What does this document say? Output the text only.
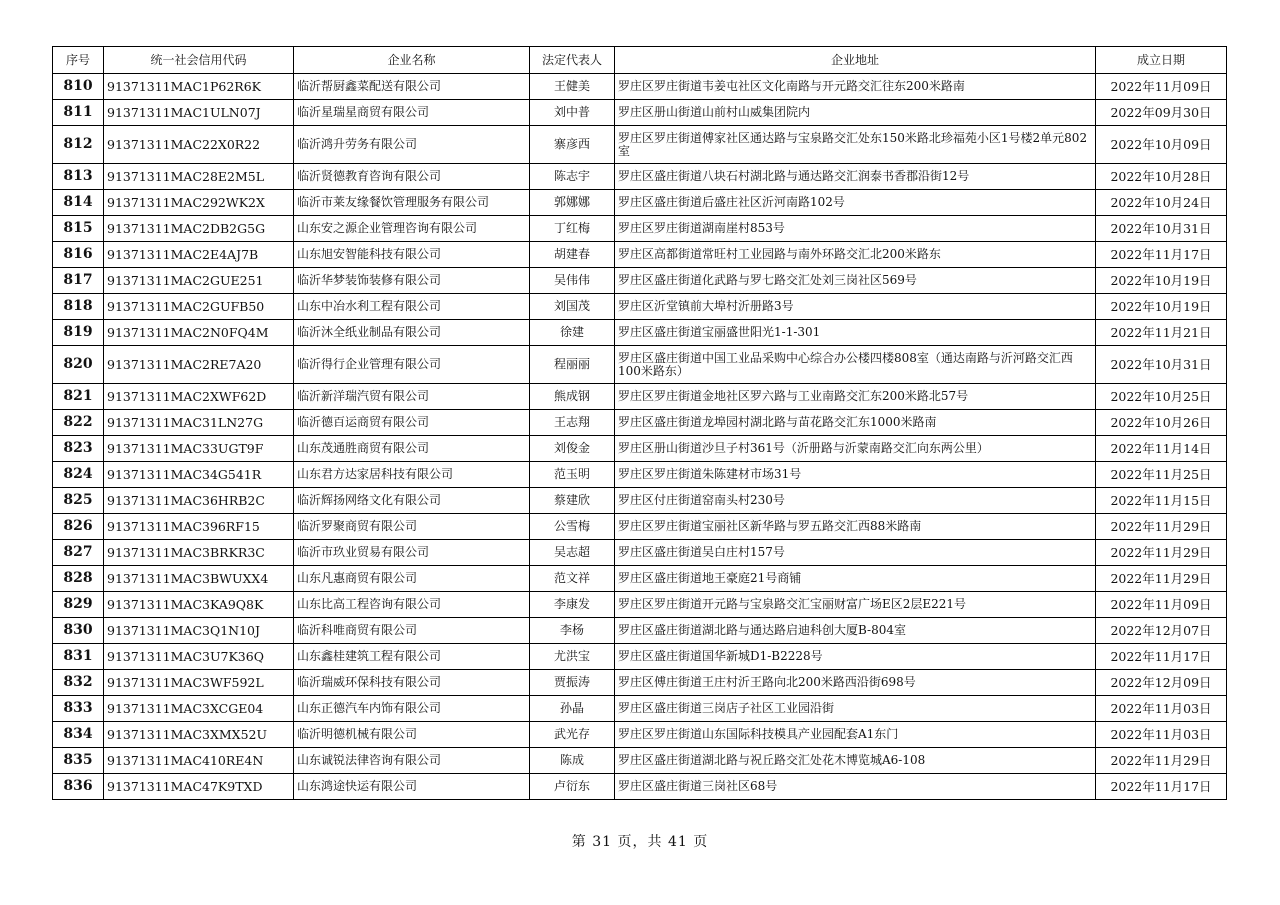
序号	统一社会信用代码	企业名称	法定代表人	企业地址	成立日期
810	91371311MAC1P62R6K	临沂帮厨鑫菜配送有限公司	王健美	罗庄区罗庄街道韦姜屯社区文化南路与开元路交汇往东200米路南	2022年11月09日
811	91371311MAC1ULN07J	临沂星瑞星商贸有限公司	刘中普	罗庄区册山街道山前村山威集团院内	2022年09月30日
812	91371311MAC22X0R22	临沂鸿升劳务有限公司	寨彦西	罗庄区罗庄街道傅家社区通达路与宝泉路交汇处东150米路北珍福苑小区1号楼2单元802室	2022年10月09日
813	91371311MAC28E2M5L	临沂贤德教育咨询有限公司	陈志宇	罗庄区盛庄街道八块石村湖北路与通达路交汇润泰书香郡沿街12号	2022年10月28日
814	91371311MAC292WK2X	临沂市莱友缘餐饮管理服务有限公司	郭娜娜	罗庄区盛庄街道后盛庄社区沂河南路102号	2022年10月24日
815	91371311MAC2DB2G5G	山东安之源企业管理咨询有限公司	丁红梅	罗庄区罗庄街道湖南崖村853号	2022年10月31日
816	91371311MAC2E4AJ7B	山东旭安智能科技有限公司	胡建春	罗庄区高都街道常旺村工业园路与南外环路交汇北200米路东	2022年11月17日
817	91371311MAC2GUE251	临沂华梦装饰装修有限公司	吴伟伟	罗庄区盛庄街道化武路与罗七路交汇处刘三岗社区569号	2022年10月19日
818	91371311MAC2GUFB50	山东中冶水利工程有限公司	刘国茂	罗庄区沂堂镇前大埠村沂册路3号	2022年10月19日
819	91371311MAC2N0FQ4M	临沂沐全纸业制品有限公司	徐建	罗庄区盛庄街道宝丽盛世阳光1-1-301	2022年11月21日
820	91371311MAC2RE7A20	临沂得行企业管理有限公司	程丽丽	罗庄区盛庄街道中国工业品采购中心综合办公楼四楼808室（通达南路与沂河路交汇西100米路东）	2022年10月31日
821	91371311MAC2XWF62D	临沂新洋瑞汽贸有限公司	熊成钢	罗庄区罗庄街道金地社区罗六路与工业南路交汇东200米路北57号	2022年10月25日
822	91371311MAC31LN27G	临沂德百运商贸有限公司	王志翔	罗庄区盛庄街道龙埠园村湖北路与苗花路交汇东1000米路南	2022年10月26日
823	91371311MAC33UGT9F	山东茂通胜商贸有限公司	刘俊金	罗庄区册山街道沙旦子村361号（沂册路与沂蒙南路交汇向东两公里）	2022年11月14日
824	91371311MAC34G541R	山东君方达家居科技有限公司	范玉明	罗庄区罗庄街道朱陈建材市场31号	2022年11月25日
825	91371311MAC36HRB2C	临沂辉扬网络文化有限公司	蔡建欣	罗庄区付庄街道窑南头村230号	2022年11月15日
826	91371311MAC396RF15	临沂罗聚商贸有限公司	公雪梅	罗庄区罗庄街道宝丽社区新华路与罗五路交汇西88米路南	2022年11月29日
827	91371311MAC3BRKR3C	临沂市玖业贸易有限公司	吴志超	罗庄区盛庄街道吴白庄村157号	2022年11月29日
828	91371311MAC3BWUXX4	山东凡惠商贸有限公司	范文祥	罗庄区盛庄街道地王豪庭21号商铺	2022年11月29日
829	91371311MAC3KA9Q8K	山东比高工程咨询有限公司	李康发	罗庄区罗庄街道开元路与宝泉路交汇宝丽财富广场E区2层E221号	2022年11月09日
830	91371311MAC3Q1N10J	临沂科唯商贸有限公司	李杨	罗庄区盛庄街道湖北路与通达路启迪科创大厦B-804室	2022年12月07日
831	91371311MAC3U7K36Q	山东鑫桂建筑工程有限公司	尤洪宝	罗庄区盛庄街道国华新城D1-B2228号	2022年11月17日
832	91371311MAC3WF592L	临沂瑞威环保科技有限公司	贾振涛	罗庄区傅庄街道王庄村沂王路向北200米路西沿街698号	2022年12月09日
833	91371311MAC3XCGE04	山东正德汽车内饰有限公司	孙晶	罗庄区盛庄街道三岗店子社区工业园沿街	2022年11月03日
834	91371311MAC3XMX52U	临沂明德机械有限公司	武光存	罗庄区罗庄街道山东国际科技模具产业园配套A1东门	2022年11月03日
835	91371311MAC410RE4N	山东诚锐法律咨询有限公司	陈成	罗庄区盛庄街道湖北路与祝丘路交汇处花木博览城A6-108	2022年11月29日
836	91371311MAC47K9TXD	山东鸿途快运有限公司	卢衍东	罗庄区盛庄街道三岗社区68号	2022年11月17日
第 31 页，共 41 页
